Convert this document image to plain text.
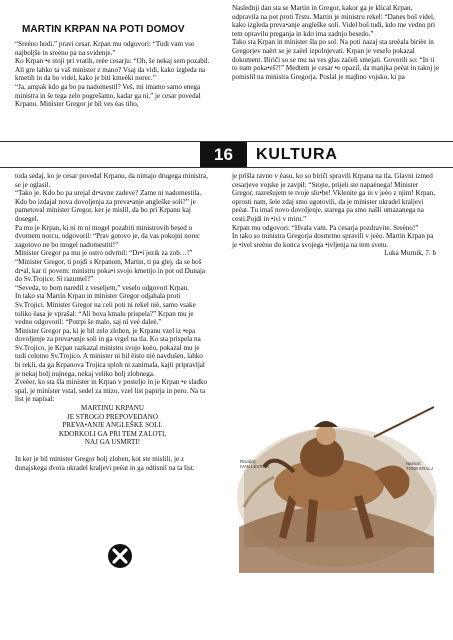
MARTIN KRPAN NA POTI DOMOV

“Sreèno hodi,” pravi cesar. Krpan mu odgovori: “Tudi vam vse najboljše in sreèno pa na svidenje.”

Ko Krpan •e stoji pri vratih, reèe cesarju: “Oh, še nekaj sem pozabil. Ali gre lahko ta vaš minister z mano? Vsaj da vidi, kako izgleda na kmetih in da bo videl, kako je biti kmeèki norec.”

“Ja, ampak kdo ga bo pa nadomestil? Veš, mi imamo samo enega ministra in še tega zelo pogrešamo, kadar ga ni,” je cesar povedal Krpanu. Minister Gregor je bil ves èas tiho,

Naslednji dan sta se Martin in Gregor, kakor ga je klical Krpan, odpravila na pot proti Trstu. Martin je ministru rekel: “Danes boš videl, kako izgleda preva•anje angleške soli. Videl boš tudi, kdo me vedno pri tem opravilu preganja in kdo ima zadnjo besedo.”

Tako sta Krpan in minister šla po sol. Na poti nazaj sta sreèala birièe in Gregorjev naèrt se je zaèel izpolnjevati. Krpan je veselo pokazal dokument. Biriči so se mu na ves glas začeli smejati. Govorili so: “In ti to nam poka•eš?!” Medtem je cesar •e opazil, da manjka peèat in takoj je pomislil na ministra Gregorja. Poslal je majhno vojsko, ki pa

16	KULTURA

toda sedaj, ko je cesar povedal Krpanu, da nimajo drugega ministra, se je oglasil.

“Tako je. Kdo bo pa urejal dr•avne zadeve? Zame ni nadomestila. Kdo bo izdajal nova dovoljenja za preva•anje angleške soli?” je pametoval minister Gregor, ker je mislil, da bo pri Krpanu kaj dosegel.

Pa mu je Krpan, ki ni m ni mogel pozabiti ministrovih besed o dvornem norcu, odgovoril: “Prav gotovo je, da vas pokojni norec zagotovo ne bo mogel nadomestiti!”

Minister Gregor pa mu je ostro odvrnil: “Dr•i jezik za zob…!”

“Minister Gregor, ti pojdi s Krpanom, Martin, ti pa glej, da se boš dr•al, kar ti povem: ministru poka•i svojo kmetijo in pot od Dunaja do Sv.Trojice. Si razumel?”

“Seveda, to bom naredil z veseljem,” veselo odgovori Krpan.

In tako sta Martin Krpan in minister Gregor odjahala proti Sv.Trojici. Minister Gregor na celi poti ni rekel niè, samo vsake toliko èasa je vprašal: “Ali bova kmalu prispela?” Krpan mu je vedno odgovoril: “Potrpi še malo, saj ni veè daleè.”

Minister Gregor pa, ki je bil zelo zloben, je Krpanu vzel iz •epa dovoljenje za preva•anje soli in ga vrgel na tla. Ko sta prispela na Sv.Trojico, je Krpan razkazal ministru svojo koèo, pokazal mu je tudi celotno Sv.Trojico. A minister ni bil èisto niè navdušen, lahko bi rekli, da ga Krpanova Trojica sploh ni zanimala, kajti pripravljal je nekaj bolj nujnega, nekaj veliko bolj zlobnega.

Zveèer, ko sta šla minister in Krpan v posteljo in je Krpan •e sladko spal, je minister vstal, sedel za mizo, vzel list papirja in pero. Na ta list je napisal:

MARTINU KRPANU

JE STROGO PREPOVEDANO

PREVA•ANJE ANGLEŠKE SOLI.

KDORKOLI GA PRI TEM ZALOTI,

NAJ GA USMRTI!

In ker je bil minister Gregor bolj zloben, kot ste mislili, je z dunajskega dvora ukradel kraljevi peèat in ga odtisnil na ta list.

je prišla ravno v èasu, ko so biriči spravili Krpana na tla. Glavni izmed cesarjeve vojske je zavpil: “Stojte, prijeli ste napaènega! Minister Gregor, razrešujem te tvoje slu•be! Vklenite ga in v jeèo z njim! Krpan, oprosti nam, šele zdaj smo ugotovili, da je minister ukradel kraljevi peèat. Tu imaš novo dovoljenje, starega pa smo našli umazanega na cesti.Pojdi in •ivi v miru.”

Krpan mu odgovori: “Hvala vam. Pa cesarja pozdravite. Sreèno!”

In tako so ministra Gregorja dosmrtno spravili v jeèo. Martin Krpan pa je •ivel sreèno do konca svojega •ivljenja na tem svetu.

Luka Murnik, 7. b

Risal(a):
IVAN LEVSTIK
Narisal:
TONE KRALJ
